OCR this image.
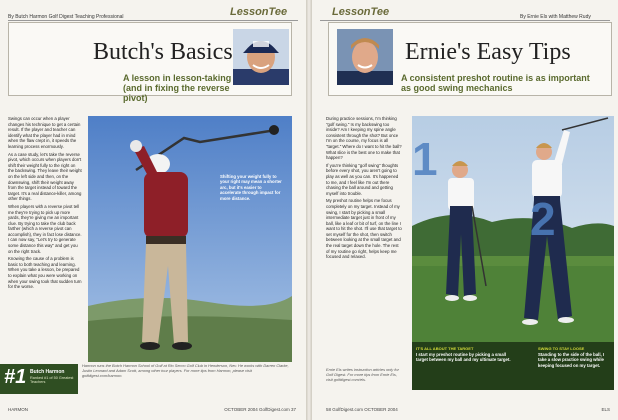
LessonTee
By Butch Harmon Golf Digest Teaching Professional
Butch's Basics
A lesson in lesson-taking (and in fixing the reverse pivot)

Swings can occur when a player changes his technique to get a certain result. If the player and teacher can identify what the player had in mind when the flaw crept in, it speeds the learning process enormously.

As a case study, let's take the reverse pivot, which occurs when players don't shift their weight fully to the right on the backswing. They leave their weight on the left side and then, on the downswing, shift their weight away from the target instead of toward the target. It's a real distance-killer, among other things.

When players with a reverse pivot tell me they're trying to pick up more yards, they're giving me an important clue. By trying to take the club back farther (which a reverse pivot can accomplish), they in fact lose distance. I can now say, "Let's try to generate some distance this way" and get you on the right track.

Knowing the cause of a problem is basic to both teaching and learning. When you take a lesson, be prepared to explain what you were working on when your swing took that sudden turn for the worse.

Shifting your weight fully to your right may mean a shorter arc, but it's easier to accelerate through impact for more distance.
#1 Butch Harmon
Ranked #1 of 50 Greatest Teachers
Harmon runs the Butch Harmon School of Golf at Rio Secco Golf Club in Henderson, Nev. He works with Darren Clarke, Justin Leonard and Adam Scott, among other tour players. For more tips from Harmon, please visit golfdigest.com/harmon.
HARMON	OCTOBER 2004 GolfDigest.com 37
LessonTee	By Ernie Els with Matthew Rudy
Ernie's Easy Tips
A consistent preshot routine is as important as good swing mechanics

During practice sessions, I'm thinking "golf swing." Is my backswing too inside? Am I keeping my spine angle consistent through the shot? But once I'm on the course, my focus is all "target." Where do I want to hit the ball? What slice is the best one to make that happen?

If you're thinking "golf swing" thoughts before every shot, you aren't going to play as well as you can. It's happened to me, and I feel like I'm out there chasing the ball around and getting myself into trouble.

My preshot routine helps me focus completely on my target. Instead of my swing, I start by picking a small intermediate target just in front of my ball, like a leaf or bit of turf, on the line I want to hit the shot. I'll use that target to set myself for the shot, then switch between looking at the small target and the real target down the hole. The rest of my routine go right, helps keep me focused and relaxed.

Ernie Els writes instruction articles only for Golf Digest. For more tips from Ernie Els, visit golfdigest.com/els.
1
2
IT'S ALL ABOUT THE TARGET
I start my preshot routine by picking a small target between my ball and my ultimate target.
SWING TO STAY LOOSE
Standing to the side of the ball, I take a slow practice swing while keeping focused on my target.
58 GolfDigest.com OCTOBER 2004	ELS
